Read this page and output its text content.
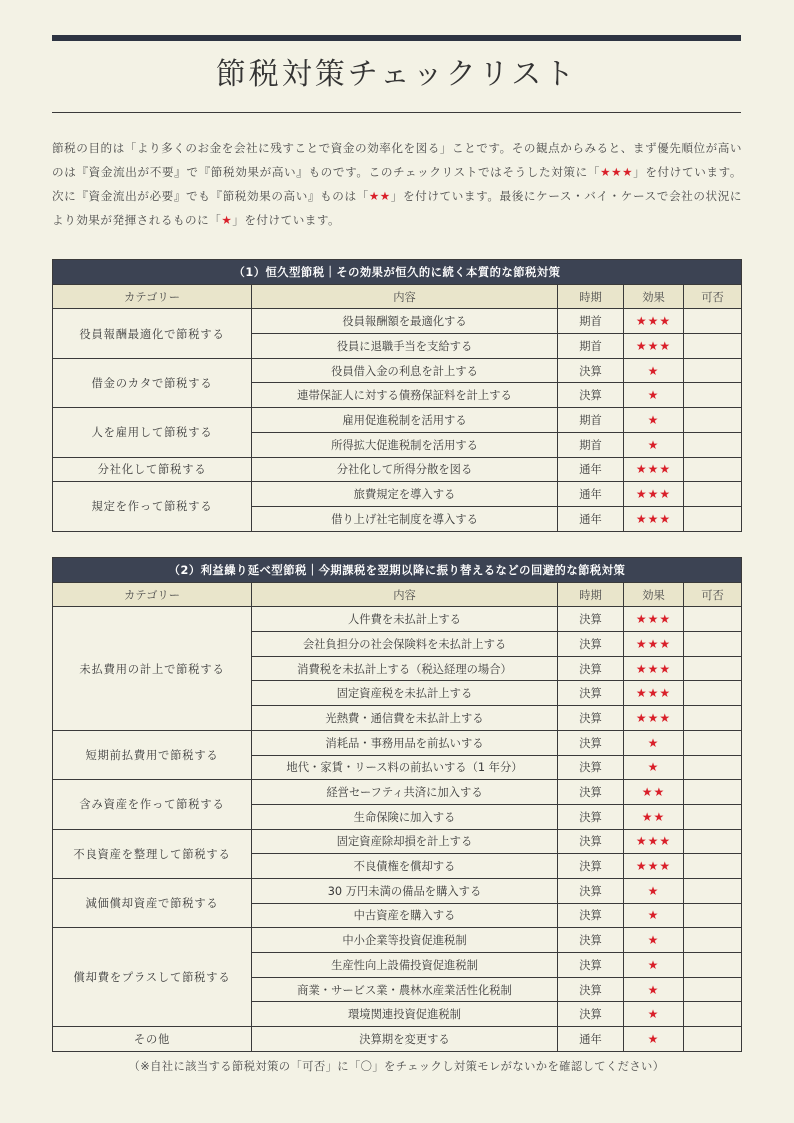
節税対策チェックリスト
節税の目的は「より多くのお金を会社に残すことで資金の効率化を図る」ことです。その観点からみると、まず優先順位が高いのは『資金流出が不要』で『節税効果が高い』ものです。このチェックリストではそうした対策に「★★★」を付けています。次に『資金流出が必要』でも『節税効果の高い』ものは「★★」を付けています。最後にケース・バイ・ケースで会社の状況により効果が発揮されるものに「★」を付けています。
（1）恒久型節税｜その効果が恒久的に続く本質的な節税対策				
カテゴリー	内容	時期	効果	可否
役員報酬最適化で節税する	役員報酬額を最適化する	期首	★★★	
	役員に退職手当を支給する	期首	★★★	
借金のカタで節税する	役員借入金の利息を計上する	決算	★	
	連帯保証人に対する債務保証料を計上する	決算	★	
人を雇用して節税する	雇用促進税制を活用する	期首	★	
	所得拡大促進税制を活用する	期首	★	
分社化して節税する	分社化して所得分散を図る	通年	★★★	
規定を作って節税する	旅費規定を導入する	通年	★★★	
	借り上げ社宅制度を導入する	通年	★★★	
（2）利益繰り延べ型節税｜今期課税を翌期以降に振り替えるなどの回避的な節税対策				
カテゴリー	内容	時期	効果	可否
未払費用の計上で節税する	人件費を未払計上する	決算	★★★	
	会社負担分の社会保険料を未払計上する	決算	★★★	
	消費税を未払計上する（税込経理の場合）	決算	★★★	
	固定資産税を未払計上する	決算	★★★	
	光熱費・通信費を未払計上する	決算	★★★	
短期前払費用で節税する	消耗品・事務用品を前払いする	決算	★	
	地代・家賃・リース料の前払いする（1 年分）	決算	★	
含み資産を作って節税する	経営セーフティ共済に加入する	決算	★★	
	生命保険に加入する	決算	★★	
不良資産を整理して節税する	固定資産除却損を計上する	決算	★★★	
	不良債権を償却する	決算	★★★	
減価償却資産で節税する	30 万円未満の備品を購入する	決算	★	
	中古資産を購入する	決算	★	
償却費をプラスして節税する	中小企業等投資促進税制	決算	★	
	生産性向上設備投資促進税制	決算	★	
	商業・サービス業・農林水産業活性化税制	決算	★	
	環境関連投資促進税制	決算	★	
その他	決算期を変更する	通年	★	
（※自社に該当する節税対策の「可否」に「〇」をチェックし対策モレがないかを確認してください）
